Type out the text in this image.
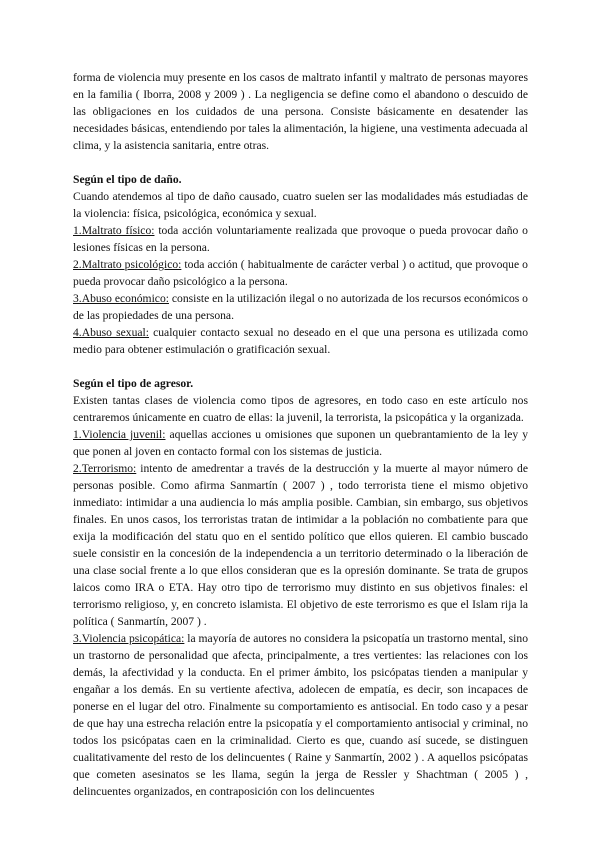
forma de violencia muy presente en los casos de maltrato infantil y maltrato de personas mayores en la familia ( Iborra, 2008 y 2009 ) . La negligencia se define como el abandono o descuido de las obligaciones en los cuidados de una persona. Consiste básicamente en desatender las necesidades básicas, entendiendo por tales la alimentación, la higiene, una vestimenta adecuada al clima, y la asistencia sanitaria, entre otras.

Según el tipo de daño.

Cuando atendemos al tipo de daño causado, cuatro suelen ser las modalidades más estudiadas de la violencia: física, psicológica, económica y sexual.

1.Maltrato físico: toda acción voluntariamente realizada que provoque o pueda provocar daño o lesiones físicas en la persona.

2.Maltrato psicológico: toda acción ( habitualmente de carácter verbal ) o actitud, que provoque o pueda provocar daño psicológico a la persona.

3.Abuso económico: consiste en la utilización ilegal o no autorizada de los recursos económicos o de las propiedades de una persona.

4.Abuso sexual: cualquier contacto sexual no deseado en el que una persona es utilizada como medio para obtener estimulación o gratificación sexual.

Según el tipo de agresor.

Existen tantas clases de violencia como tipos de agresores, en todo caso en este artículo nos centraremos únicamente en cuatro de ellas: la juvenil, la terrorista, la psicopática y la organizada.

1.Violencia juvenil: aquellas acciones u omisiones que suponen un quebrantamiento de la ley y que ponen al joven en contacto formal con los sistemas de justicia.

2.Terrorismo: intento de amedrentar a través de la destrucción y la muerte al mayor número de personas posible. Como afirma Sanmartín ( 2007 ) , todo terrorista tiene el mismo objetivo inmediato: intimidar a una audiencia lo más amplia posible. Cambian, sin embargo, sus objetivos finales. En unos casos, los terroristas tratan de intimidar a la población no combatiente para que exija la modificación del statu quo en el sentido político que ellos quieren. El cambio buscado suele consistir en la concesión de la independencia a un territorio determinado o la liberación de una clase social frente a lo que ellos consideran que es la opresión dominante. Se trata de grupos laicos como IRA o ETA. Hay otro tipo de terrorismo muy distinto en sus objetivos finales: el terrorismo religioso, y, en concreto islamista. El objetivo de este terrorismo es que el Islam rija la política ( Sanmartín, 2007 ) .

3.Violencia psicopática: la mayoría de autores no considera la psicopatía un trastorno mental, sino un trastorno de personalidad que afecta, principalmente, a tres vertientes: las relaciones con los demás, la afectividad y la conducta. En el primer ámbito, los psicópatas tienden a manipular y engañar a los demás. En su vertiente afectiva, adolecen de empatía, es decir, son incapaces de ponerse en el lugar del otro. Finalmente su comportamiento es antisocial. En todo caso y a pesar de que hay una estrecha relación entre la psicopatía y el comportamiento antisocial y criminal, no todos los psicópatas caen en la criminalidad. Cierto es que, cuando así sucede, se distinguen cualitativamente del resto de los delincuentes ( Raine y Sanmartín, 2002 ) . A aquellos psicópatas que cometen asesinatos se les llama, según la jerga de Ressler y Shachtman ( 2005 ) , delincuentes organizados, en contraposición con los delincuentes
